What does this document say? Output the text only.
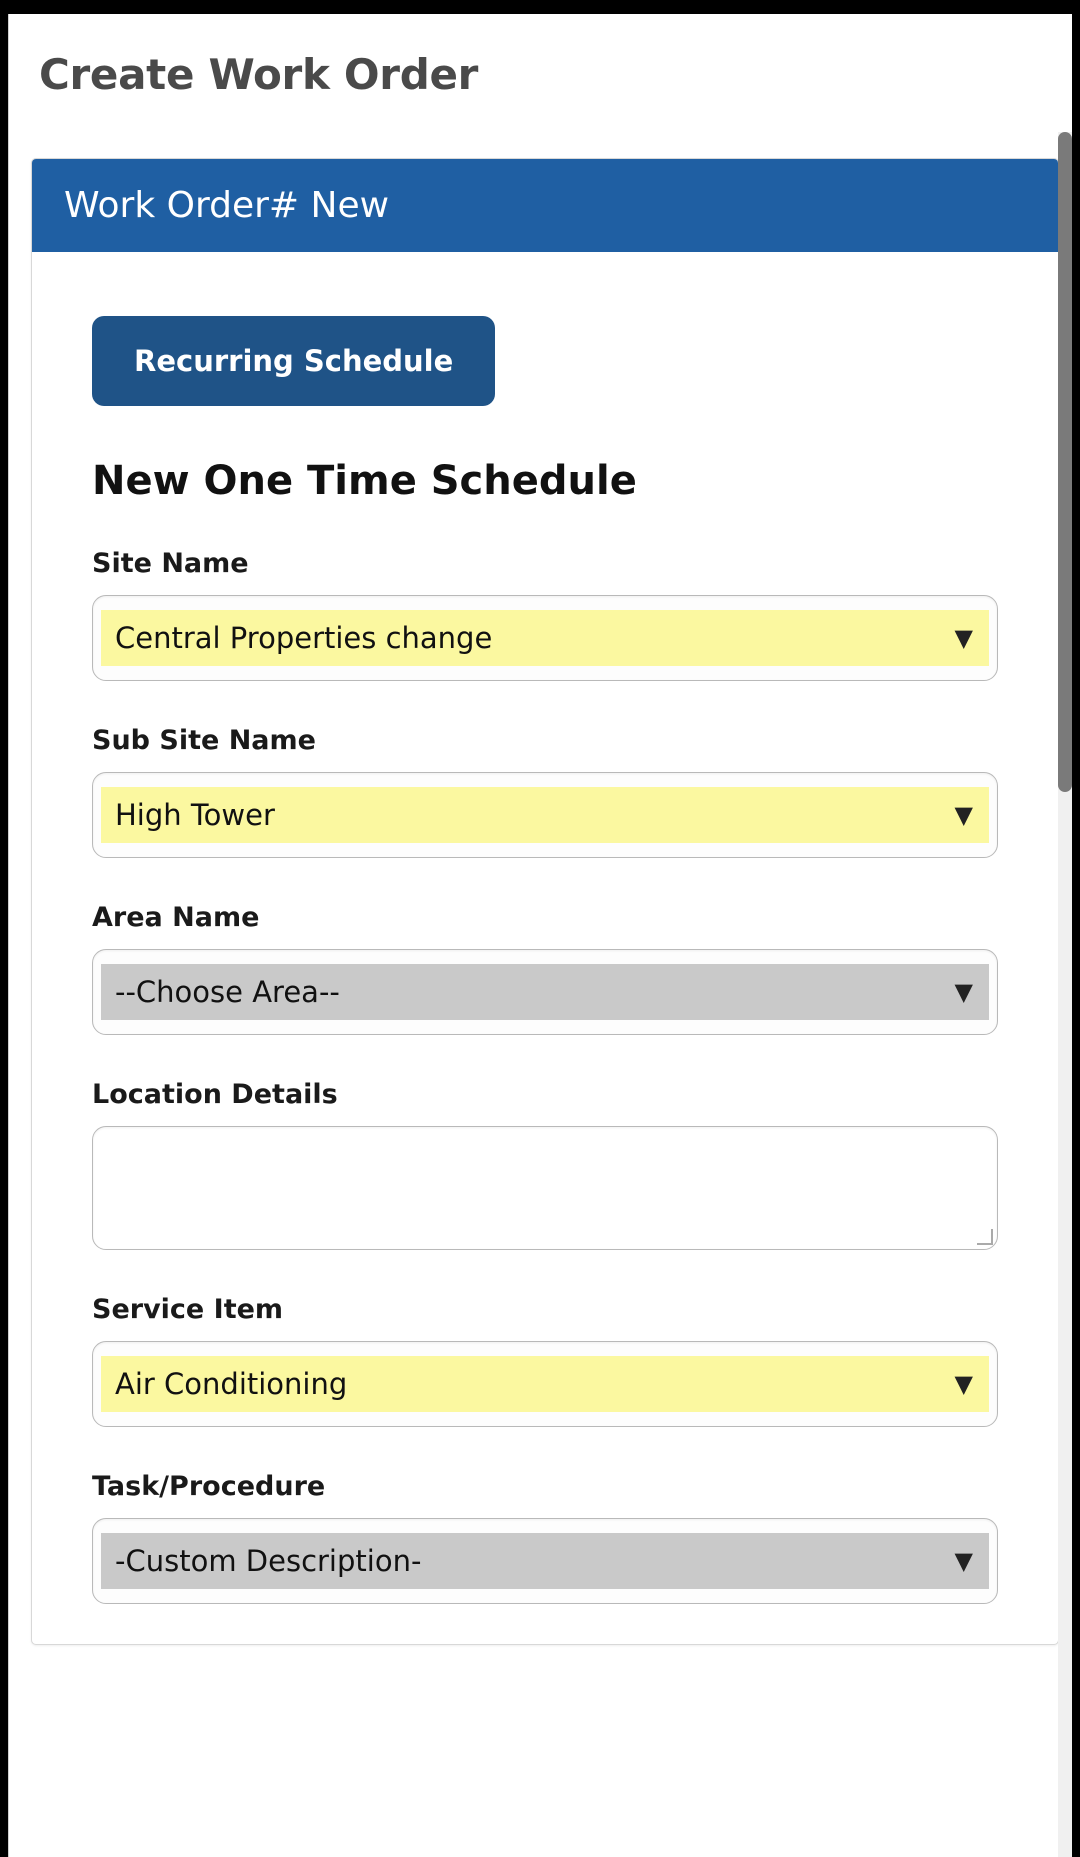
Create Work Order
Work Order# New
Recurring Schedule
New One Time Schedule
Site Name
Central Properties change	▼
Sub Site Name
High Tower	▼
Area Name
--Choose Area--	▼
Location Details
Service Item
Air Conditioning	▼
Task/Procedure
-Custom Description-	▼
